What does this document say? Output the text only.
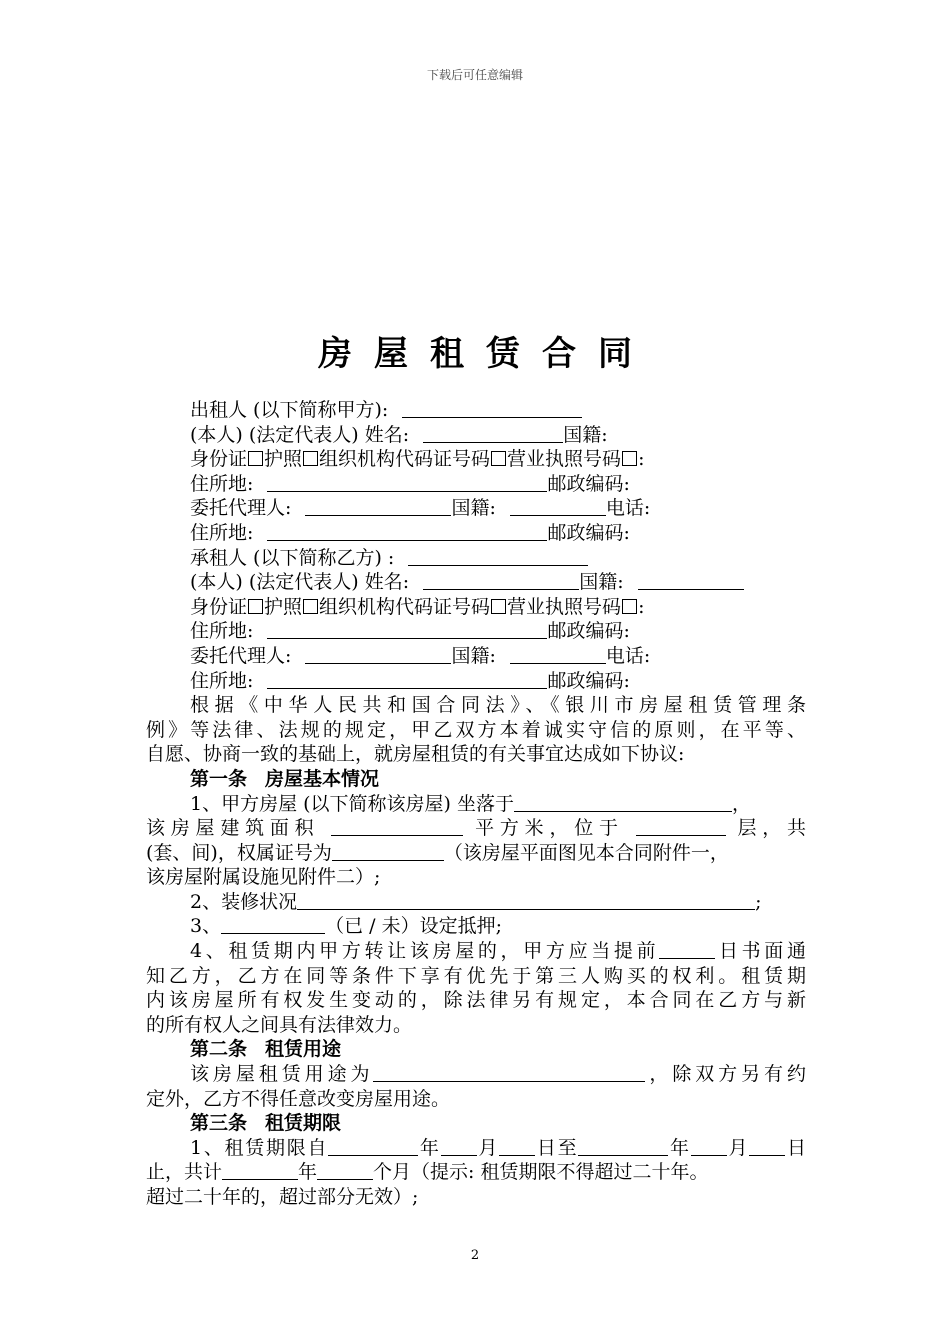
下载后可任意编辑
房屋租赁合同
出租人 (以下简称甲方):
(本人) (法定代表人) 姓名:	国籍:
身份证 护照 组织机构代码证号码 营业执照号码 :
住所地:	邮政编码:
委托代理人:	国籍:	电话:
住所地:	邮政编码:
承租人 (以下简称乙方) :
(本人) (法定代表人) 姓名:	国籍:
身份证 护照 组织机构代码证号码 营业执照号码 :
住所地:	邮政编码:
委托代理人:	国籍:	电话:
住所地:	邮政编码:
根据《中华人民共和国合同法》、《银川市房屋租赁管理条
例》等法律、法规的规定，甲乙双方本着诚实守信的原则，在平等、
自愿、协商一致的基础上，就房屋租赁的有关事宜达成如下协议:
第一条 房屋基本情况
1、甲方房屋 (以下简称该房屋) 坐落于	，
该房屋建筑面积	平方米，位于	层，共
(套、间)，权属证号为	（该房屋平面图见本合同附件一，
该房屋附属设施见附件二）;
2、装修状况	;
3、	（已 / 未）设定抵押;
4、租赁期内甲方转让该房屋的，甲方应当提前	日书面通
知乙方，乙方在同等条件下享有优先于第三人购买的权利。租赁期
内该房屋所有权发生变动的，除法律另有规定，本合同在乙方与新
的所有权人之间具有法律效力。
第二条 租赁用途
该房屋租赁用途为	，除双方另有约
定外，乙方不得任意改变房屋用途。
第三条 租赁期限
1、租赁期限自	年 月 日至	年 月 日
止，共计	年	个月（提示: 租赁期限不得超过二十年。
超过二十年的，超过部分无效）;
2
